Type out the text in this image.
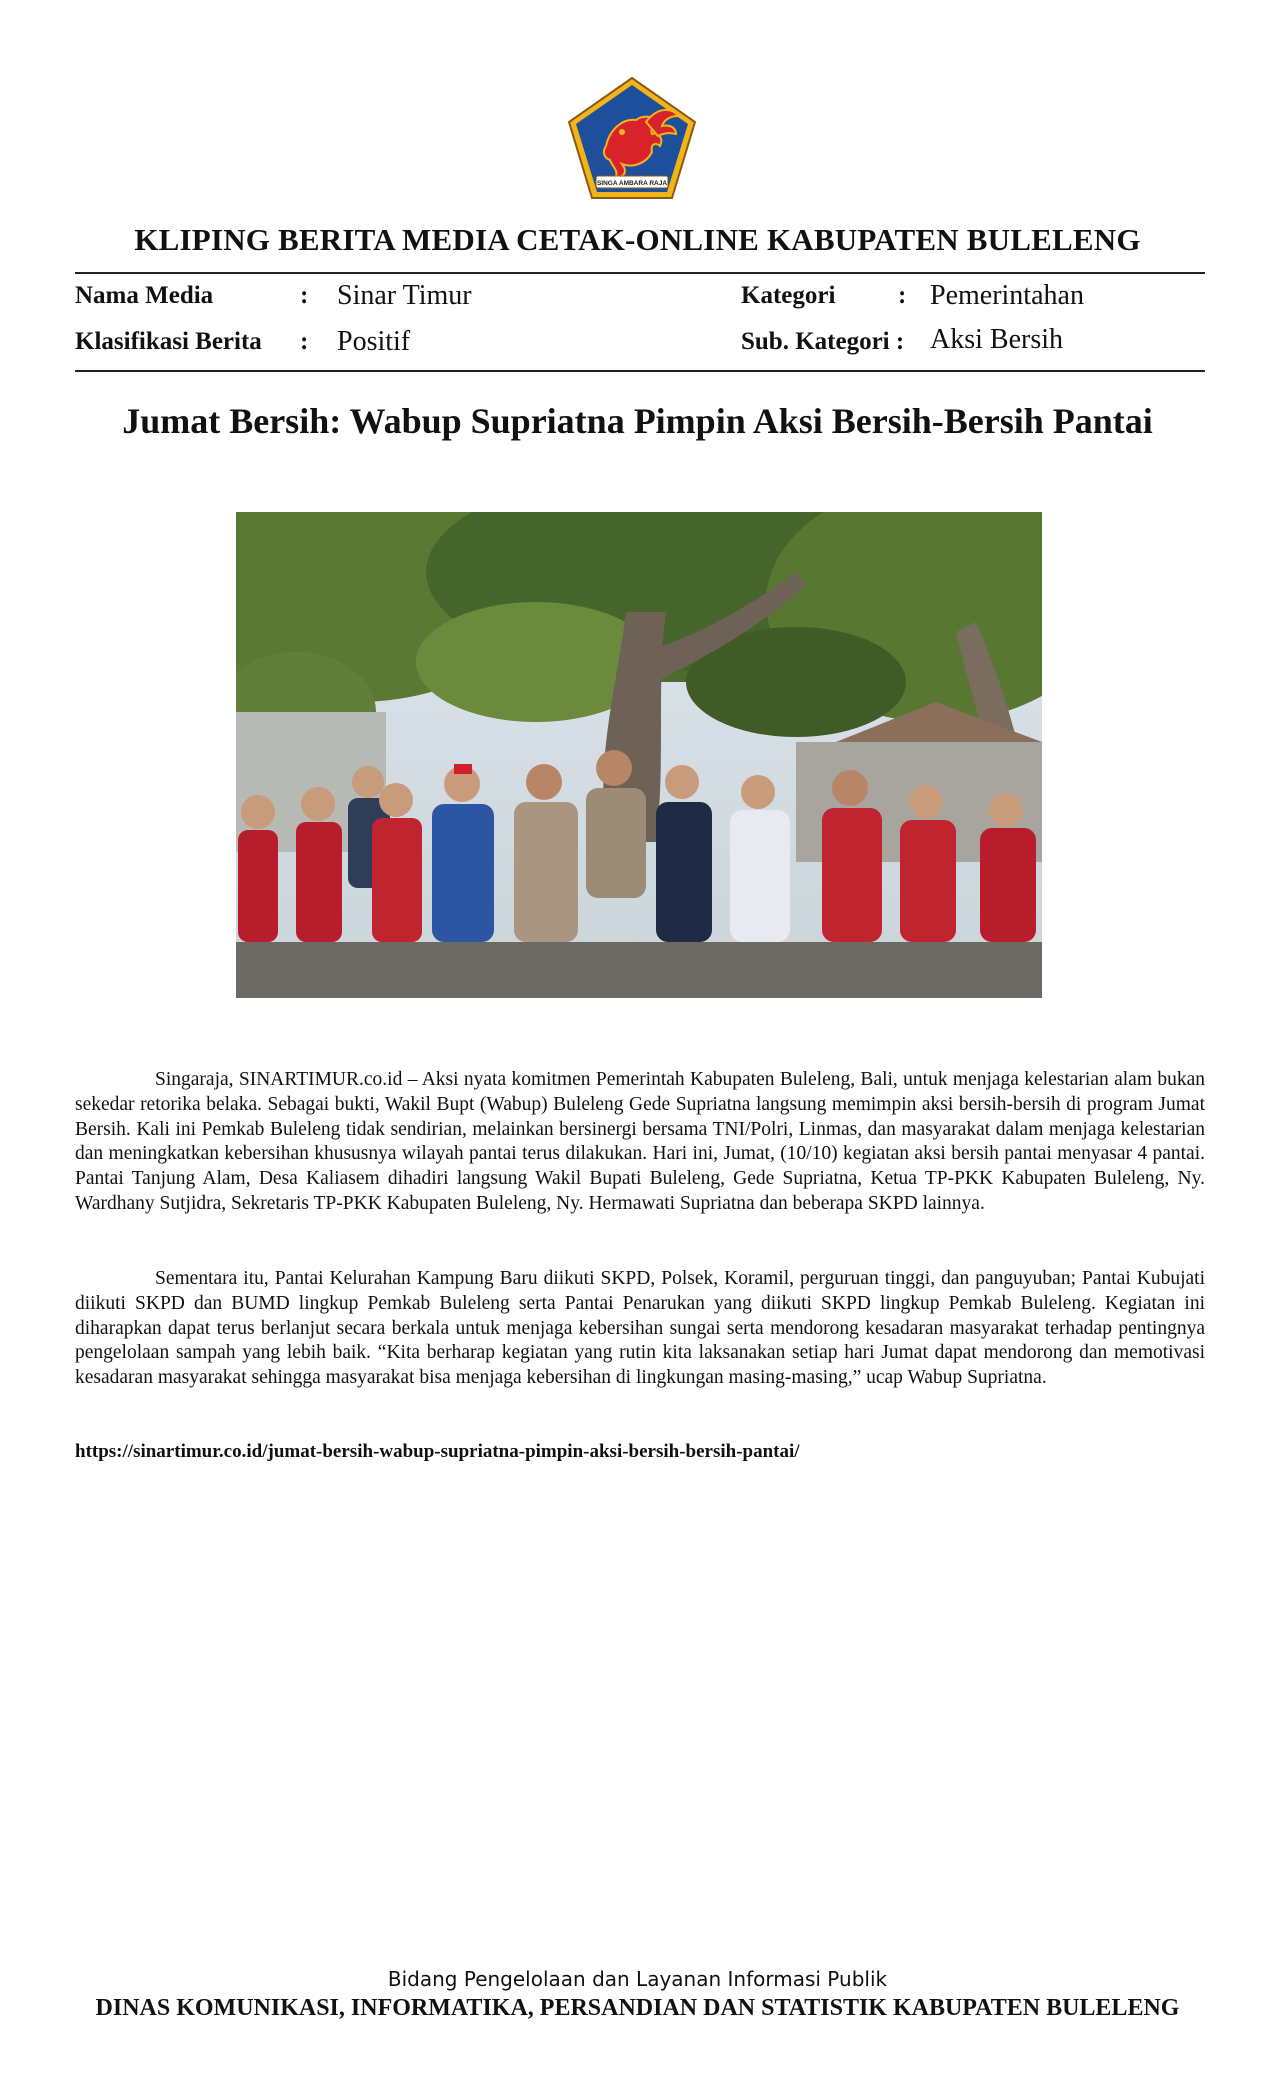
SINGA AMBARA RAJA
KLIPING BERITA MEDIA CETAK-ONLINE KABUPATEN BULELENG
Nama Media	: Sinar Timur	Kategori	: Pemerintahan
Klasifikasi Berita : Positif	Sub. Kategori : Aksi Bersih
Jumat Bersih: Wabup Supriatna Pimpin Aksi Bersih-Bersih Pantai

Singaraja, SINARTIMUR.co.id – Aksi nyata komitmen Pemerintah Kabupaten Buleleng, Bali, untuk menjaga kelestarian alam bukan sekedar retorika belaka. Sebagai bukti, Wakil Bupt (Wabup) Buleleng Gede Supriatna langsung memimpin aksi bersih-bersih di program Jumat Bersih. Kali ini Pemkab Buleleng tidak sendirian, melainkan bersinergi bersama TNI/Polri, Linmas, dan masyarakat dalam menjaga kelestarian dan meningkatkan kebersihan khususnya wilayah pantai terus dilakukan. Hari ini, Jumat, (10/10) kegiatan aksi bersih pantai menyasar 4 pantai. Pantai Tanjung Alam, Desa Kaliasem dihadiri langsung Wakil Bupati Buleleng, Gede Supriatna, Ketua TP-PKK Kabupaten Buleleng, Ny. Wardhany Sutjidra, Sekretaris TP-PKK Kabupaten Buleleng, Ny. Hermawati Supriatna dan beberapa SKPD lainnya.

Sementara itu, Pantai Kelurahan Kampung Baru diikuti SKPD, Polsek, Koramil, perguruan tinggi, dan panguyuban; Pantai Kubujati diikuti SKPD dan BUMD lingkup Pemkab Buleleng serta Pantai Penarukan yang diikuti SKPD lingkup Pemkab Buleleng. Kegiatan ini diharapkan dapat terus berlanjut secara berkala untuk menjaga kebersihan sungai serta mendorong kesadaran masyarakat terhadap pentingnya pengelolaan sampah yang lebih baik. “Kita berharap kegiatan yang rutin kita laksanakan setiap hari Jumat dapat mendorong dan memotivasi kesadaran masyarakat sehingga masyarakat bisa menjaga kebersihan di lingkungan masing-masing,” ucap Wabup Supriatna.

https://sinartimur.co.id/jumat-bersih-wabup-supriatna-pimpin-aksi-bersih-bersih-pantai/
Bidang Pengelolaan dan Layanan Informasi Publik
DINAS KOMUNIKASI, INFORMATIKA, PERSANDIAN DAN STATISTIK KABUPATEN BULELENG
